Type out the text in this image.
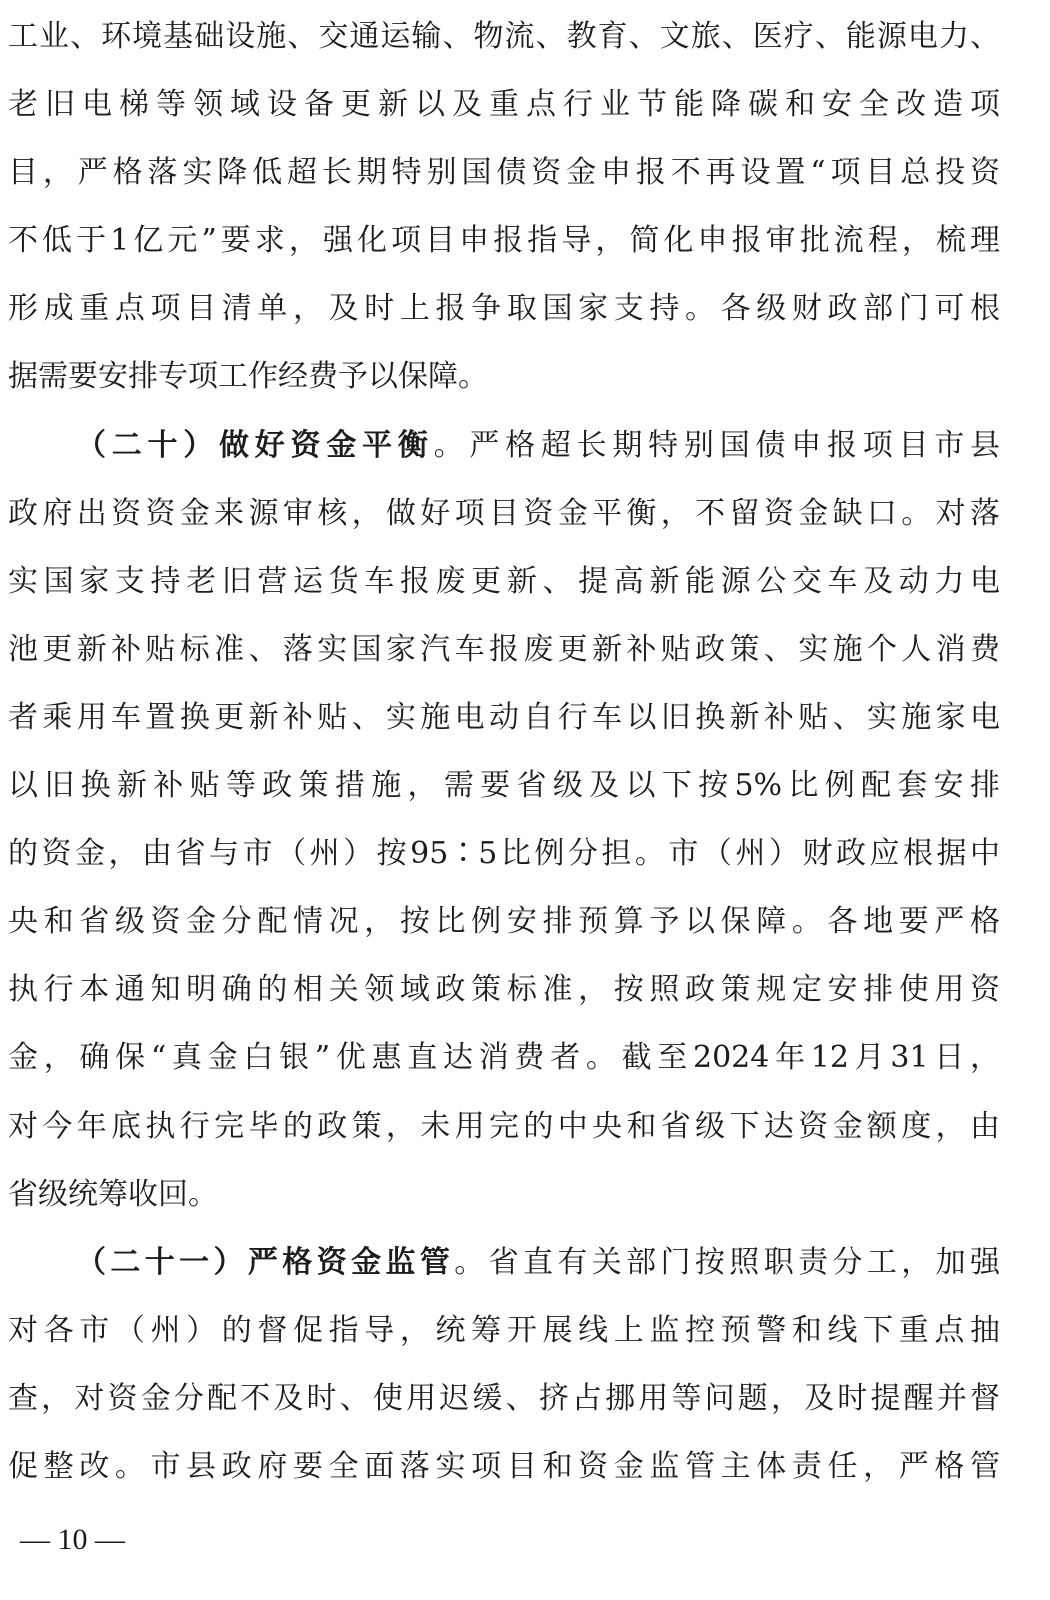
工业、环境基础设施、交通运输、物流、教育、文旅、医疗、能源电力、
老旧电梯等领域设备更新以及重点行业节能降碳和安全改造项
目，严格落实降低超长期特别国债资金申报不再设置“项目总投资
不低于1亿元”要求，强化项目申报指导，简化申报审批流程，梳理
形成重点项目清单，及时上报争取国家支持。各级财政部门可根
据需要安排专项工作经费予以保障。
（二十）做好资金平衡。严格超长期特别国债申报项目市县
政府出资资金来源审核，做好项目资金平衡，不留资金缺口。对落
实国家支持老旧营运货车报废更新、提高新能源公交车及动力电
池更新补贴标准、落实国家汽车报废更新补贴政策、实施个人消费
者乘用车置换更新补贴、实施电动自行车以旧换新补贴、实施家电
以旧换新补贴等政策措施，需要省级及以下按5%比例配套安排
的资金，由省与市（州）按95∶5比例分担。市（州）财政应根据中
央和省级资金分配情况，按比例安排预算予以保障。各地要严格
执行本通知明确的相关领域政策标准，按照政策规定安排使用资
金，确保“真金白银”优惠直达消费者。截至2024年12月31日，
对今年底执行完毕的政策，未用完的中央和省级下达资金额度，由
省级统筹收回。
（二十一）严格资金监管。省直有关部门按照职责分工，加强
对各市（州）的督促指导，统筹开展线上监控预警和线下重点抽
查，对资金分配不及时、使用迟缓、挤占挪用等问题，及时提醒并督
促整改。市县政府要全面落实项目和资金监管主体责任，严格管
— 10 —
